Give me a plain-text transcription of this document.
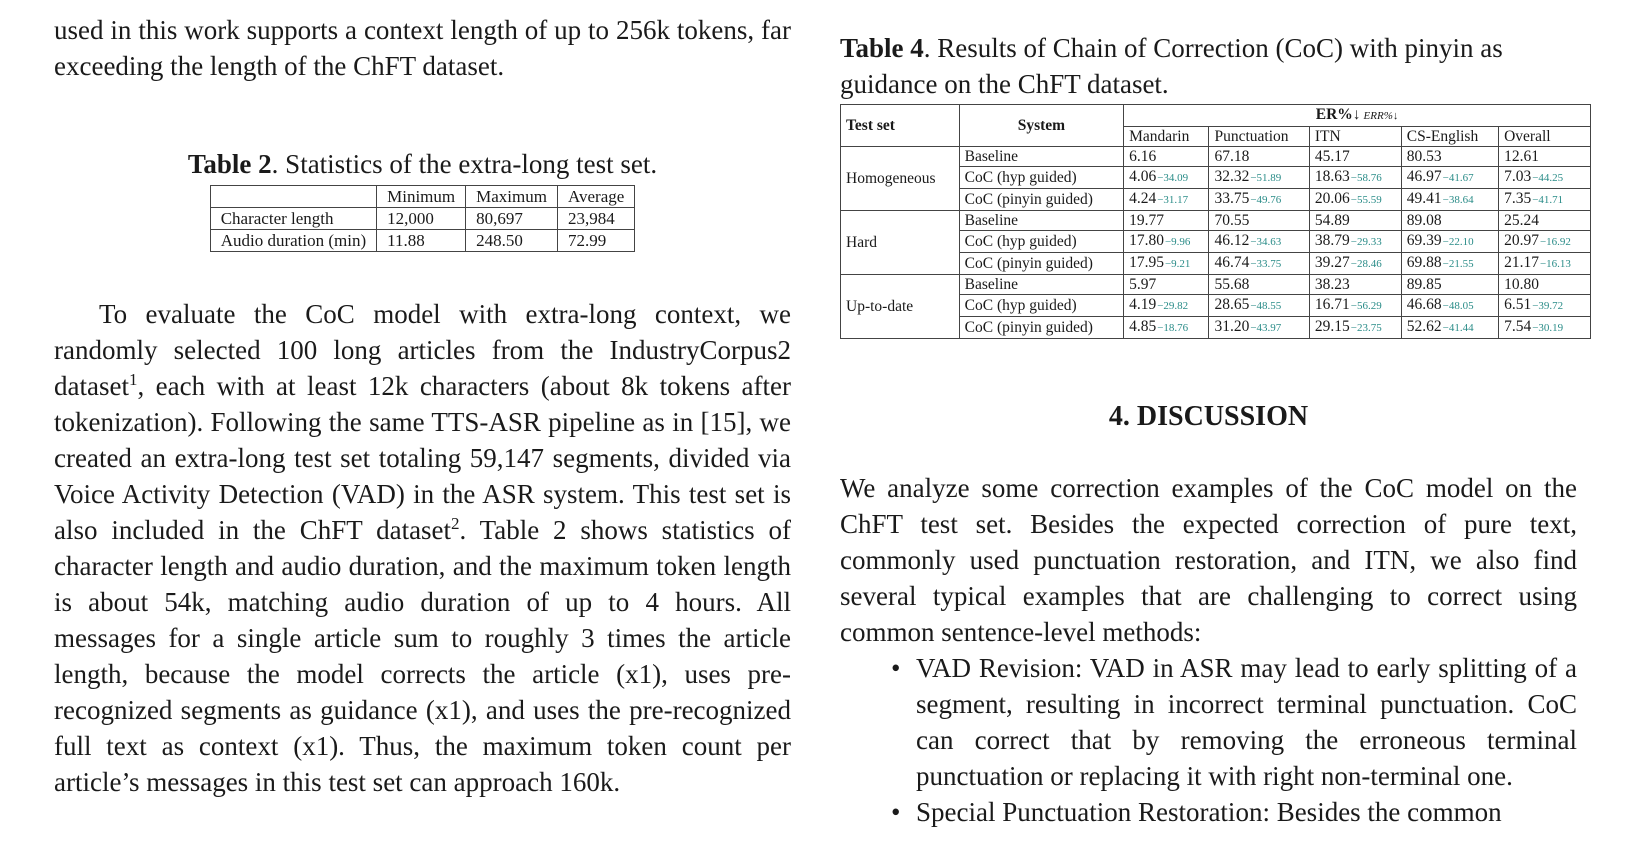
used in this work supports a context length of up to 256k tokens, far exceeding the length of the ChFT dataset.

Table 2. Statistics of the extra-long test set.

	Minimum	Maximum	Average
Character length	12,000	80,697	23,984
Audio duration (min)	11.88	248.50	72.99

To evaluate the CoC model with extra-long context, we randomly selected 100 long articles from the IndustryCorpus2 dataset$^1$, each with at least 12k characters (about 8k tokens after tokenization). Following the same TTS-ASR pipeline as in [15], we created an extra-long test set totaling 59,147 segments, divided via Voice Activity Detection (VAD) in the ASR system. This test set is also included in the ChFT dataset$^2$. Table 2 shows statistics of character length and audio duration, and the maximum token length is about 54k, matching audio duration of up to 4 hours. All messages for a single article sum to roughly 3 times the article length, because the model corrects the article (x1), uses pre-recognized segments as guidance (x1), and uses the pre-recognized full text as context (x1). Thus, the maximum token count per article’s messages in this test set can approach 160k.

Table 4. Results of Chain of Correction (CoC) with pinyin as guidance on the ChFT dataset.

Test set	System	ER%↓ ERR%↓				
		Mandarin	Punctuation	ITN	CS-English	Overall
Homogeneous	Baseline	6.16	67.18	45.17	80.53	12.61
	CoC (hyp guided)	4.06−34.09	32.32−51.89	18.63−58.76	46.97−41.67	7.03−44.25
	CoC (pinyin guided)	4.24−31.17	33.75−49.76	20.06−55.59	49.41−38.64	7.35−41.71
Hard	Baseline	19.77	70.55	54.89	89.08	25.24
	CoC (hyp guided)	17.80−9.96	46.12−34.63	38.79−29.33	69.39−22.10	20.97−16.92
	CoC (pinyin guided)	17.95−9.21	46.74−33.75	39.27−28.46	69.88−21.55	21.17−16.13
Up-to-date	Baseline	5.97	55.68	38.23	89.85	10.80
	CoC (hyp guided)	4.19−29.82	28.65−48.55	16.71−56.29	46.68−48.05	6.51−39.72
	CoC (pinyin guided)	4.85−18.76	31.20−43.97	29.15−23.75	52.62−41.44	7.54−30.19
4. DISCUSSION

We analyze some correction examples of the CoC model on the ChFT test set. Besides the expected correction of pure text, commonly used punctuation restoration, and ITN, we also find several typical examples that are challenging to correct using common sentence-level methods:

• VAD Revision: VAD in ASR may lead to early splitting of a segment, resulting in incorrect terminal punctuation. CoC can correct that by removing the erroneous terminal punctuation or replacing it with right non-terminal one.
• Special Punctuation Restoration: Besides the common
